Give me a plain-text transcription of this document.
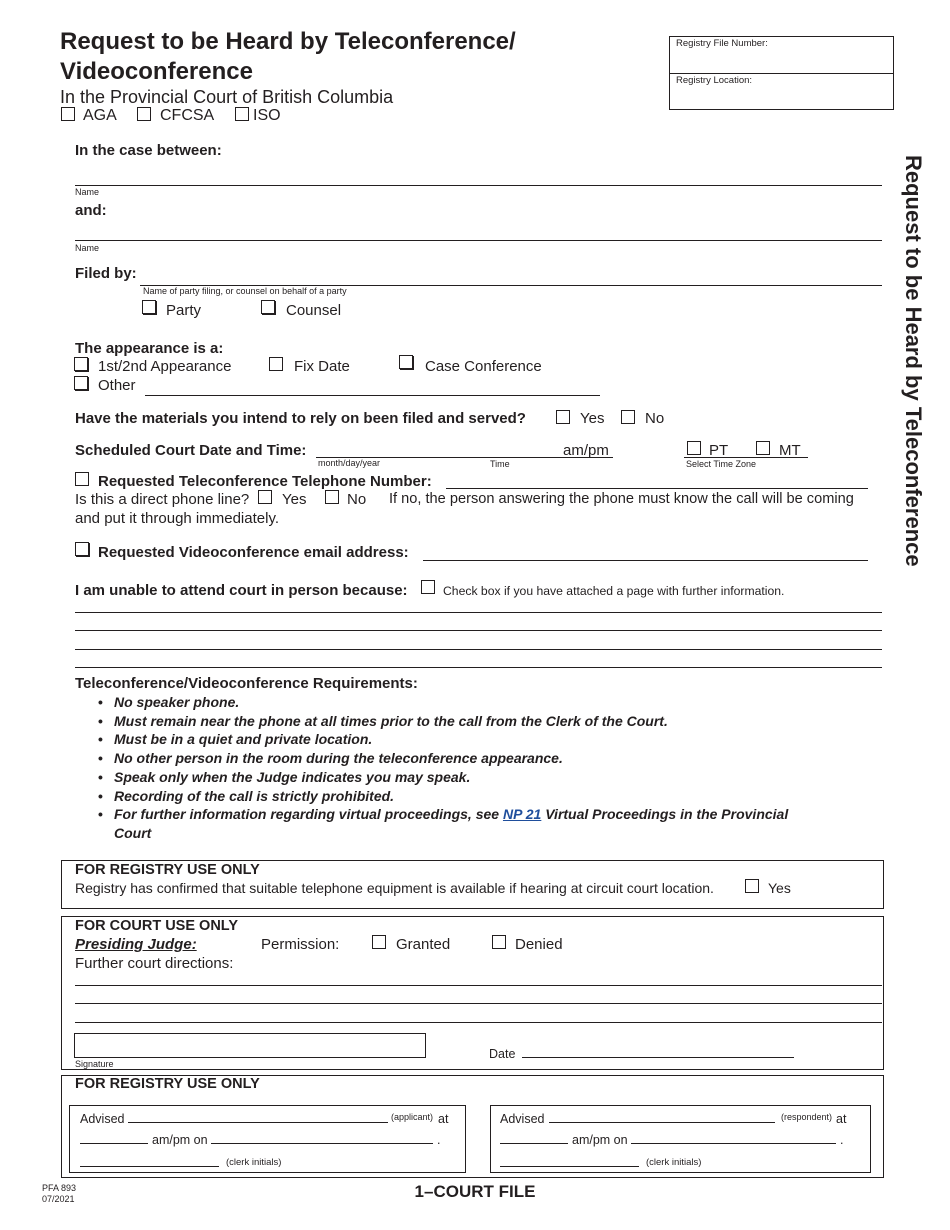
Request to be Heard by Teleconference/
Videoconference
In the Provincial Court of British Columbia
AGA	CFCSA ISO
Registry File Number:
Registry Location:
Request to be Heard by Teleconference
In the case between:
Name
and:
Name
Filed by:
Name of party filing, or counsel on behalf of a party
Party	Counsel
The appearance is a:
1st/2nd Appearance	Fix Date	Case Conference
Other
Have the materials you intend to rely on been filed and served?	Yes	No
Scheduled Court Date and Time:
month/day/year
am/pm
Time
PT	MT
Select Time Zone
Requested Teleconference Telephone Number:
Is this a direct phone line? Yes	No If no, the person answering the phone must know the call will be coming
and put it through immediately.
Requested Videoconference email address:
I am unable to attend court in person because:	Check box if you have attached a page with further information.
Teleconference/Videoconference Requirements:
• No speaker phone.
• Must remain near the phone at all times prior to the call from the Clerk of the Court.
• Must be in a quiet and private location.
• No other person in the room during the teleconference appearance.
• Speak only when the Judge indicates you may speak.
• Recording of the call is strictly prohibited.
• For further information regarding virtual proceedings, see NP 21 Virtual Proceedings in the Provincial
Court
FOR REGISTRY USE ONLY
Registry has confirmed that suitable telephone equipment is available if hearing at circuit court location.	Yes
FOR COURT USE ONLY
Presiding Judge:	Permission:	Granted	Denied
Further court directions:
Signature
Date
FOR REGISTRY USE ONLY
Advised	(applicant) at
am/pm on	.
(clerk initials)
Advised	(respondent) at
am/pm on	.
(clerk initials)
PFA 893
07/2021	1–COURT FILE
